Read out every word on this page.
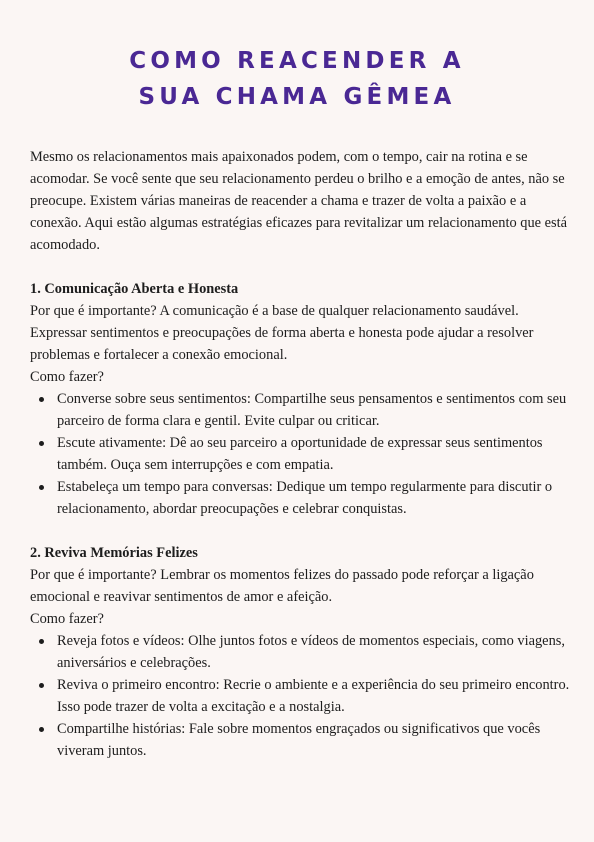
COMO REACENDER A
SUA CHAMA GÊMEA

Mesmo os relacionamentos mais apaixonados podem, com o tempo, cair na rotina e se acomodar. Se você sente que seu relacionamento perdeu o brilho e a emoção de antes, não se preocupe. Existem várias maneiras de reacender a chama e trazer de volta a paixão e a conexão. Aqui estão algumas estratégias eficazes para revitalizar um relacionamento que está acomodado.

1. Comunicação Aberta e Honesta

Por que é importante? A comunicação é a base de qualquer relacionamento saudável. Expressar sentimentos e preocupações de forma aberta e honesta pode ajudar a resolver problemas e fortalecer a conexão emocional.

Como fazer?

Converse sobre seus sentimentos: Compartilhe seus pensamentos e sentimentos com seu parceiro de forma clara e gentil. Evite culpar ou criticar.
Escute ativamente: Dê ao seu parceiro a oportunidade de expressar seus sentimentos também. Ouça sem interrupções e com empatia.
Estabeleça um tempo para conversas: Dedique um tempo regularmente para discutir o relacionamento, abordar preocupações e celebrar conquistas.

2. Reviva Memórias Felizes

Por que é importante? Lembrar os momentos felizes do passado pode reforçar a ligação emocional e reavivar sentimentos de amor e afeição.

Como fazer?

Reveja fotos e vídeos: Olhe juntos fotos e vídeos de momentos especiais, como viagens, aniversários e celebrações.
Reviva o primeiro encontro: Recrie o ambiente e a experiência do seu primeiro encontro. Isso pode trazer de volta a excitação e a nostalgia.
Compartilhe histórias: Fale sobre momentos engraçados ou significativos que vocês viveram juntos.
